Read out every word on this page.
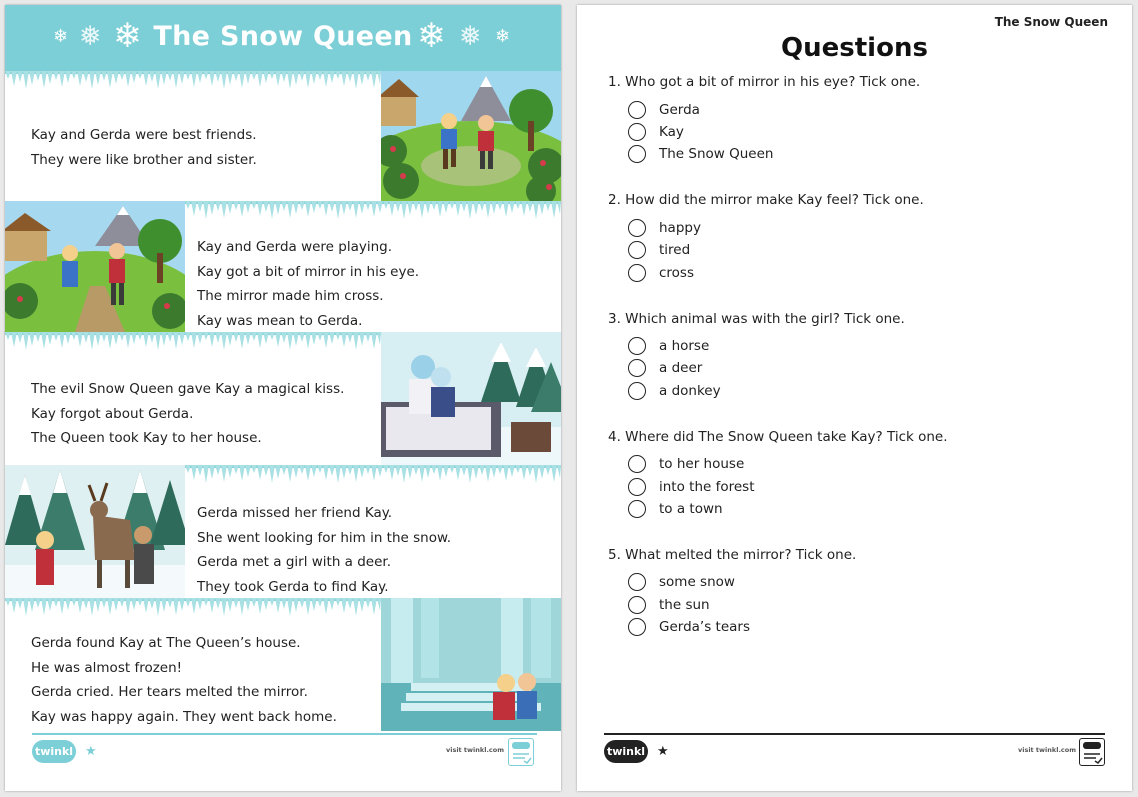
❄ ❅ ❄ The Snow Queen ❄ ❅ ❄
Kay and Gerda were best friends.
They were like brother and sister.
Kay and Gerda were playing.
Kay got a bit of mirror in his eye.
The mirror made him cross.
Kay was mean to Gerda.
The evil Snow Queen gave Kay a magical kiss.
Kay forgot about Gerda.
The Queen took Kay to her house.
Gerda missed her friend Kay.
She went looking for him in the snow.
Gerda met a girl with a deer.
They took Gerda to find Kay.
Gerda found Kay at The Queen’s house.
He was almost frozen!
Gerda cried. Her tears melted the mirror.
Kay was happy again. They went back home.
twinkl ★	visit twinkl.com
The Snow Queen
Questions
1. Who got a bit of mirror in his eye? Tick one.
Gerda
Kay
The Snow Queen
2. How did the mirror make Kay feel? Tick one.
happy
tired
cross
3. Which animal was with the girl? Tick one.
a horse
a deer
a donkey
4. Where did The Snow Queen take Kay? Tick one.
to her house
into the forest
to a town
5. What melted the mirror? Tick one.
some snow
the sun
Gerda’s tears
twinkl ★	visit twinkl.com
